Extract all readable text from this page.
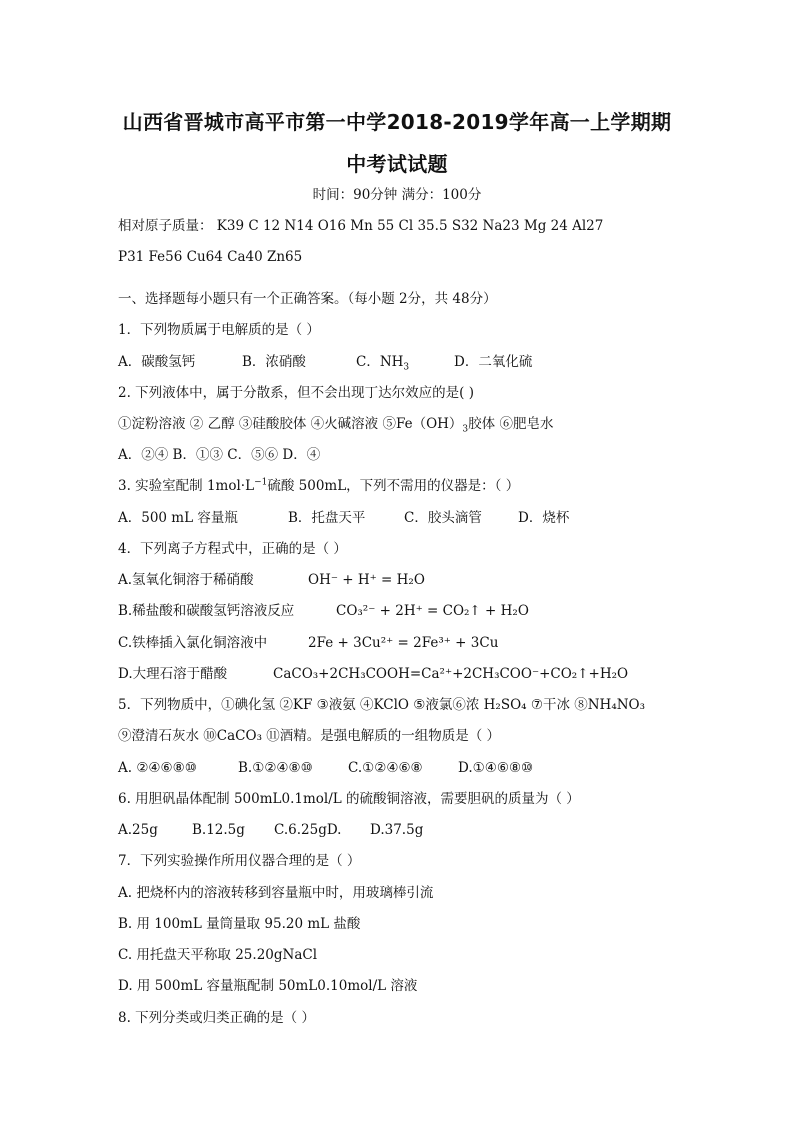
山西省晋城市高平市第一中学2018-2019学年高一上学期期
中考试试题
时间：90分钟 满分：100分
相对原子质量： K39 C 12 N14 O16 Mn 55 Cl 35.5 S32 Na23 Mg 24 Al27
P31 Fe56 Cu64 Ca40 Zn65
一、选择题每小题只有一个正确答案。（每小题 2分，共 48分）
1．下列物质属于电解质的是（ ）
A．碳酸氢钙	B．浓硝酸	C．$NH_3$	D．二氧化硫
2. 下列液体中，属于分散系，但不会出现丁达尔效应的是( )
①淀粉溶液 ② 乙醇 ③硅酸胶体 ④火碱溶液 $⑤Fe(OH)_3$胶体 ⑥肥皂水
A．②④ B．①③ C．⑤⑥ D．④
3. 实验室配制 $1mol\cdot L^{-1}$硫酸 500mL，下列不需用的仪器是：（ ）
A．500 mL 容量瓶	B．托盘天平	C．胶头滴管	D．烧杯
4．下列离子方程式中，正确的是（ ）
A.氢氧化铜溶于稀硝酸	OH⁻ + H⁺ = H₂O
B.稀盐酸和碳酸氢钙溶液反应	CO₃²⁻ + 2H⁺ = CO₂↑ + H₂O
C.铁棒插入氯化铜溶液中	2Fe + 3Cu²⁺ = 2Fe³⁺ + 3Cu
D.大理石溶于醋酸	CaCO₃+2CH₃COOH=Ca²⁺+2CH₃COO⁻+CO₂↑+H₂O
5．下列物质中，①碘化氢 ②KF ③液氨 ④KClO ⑤液氯⑥浓 H₂SO₄ ⑦干冰 ⑧NH₄NO₃
⑨澄清石灰水 ⑩CaCO₃ ⑪酒精。是强电解质的一组物质是（ ）
A. ②④⑥⑧⑩	B.①②④⑧⑩	C.①②④⑥⑧	D.①④⑥⑧⑩
6. 用胆矾晶体配制 500mL0.1mol/L 的硫酸铜溶液，需要胆矾的质量为（ ）
A.25g	B.12.5g C.6.25gD. D.37.5g
7．下列实验操作所用仪器合理的是（ ）
A. 把烧杯内的溶液转移到容量瓶中时，用玻璃棒引流
B. 用 100mL 量筒量取 95.20 mL 盐酸
C. 用托盘天平称取 25.20gNaCl
D. 用 500mL 容量瓶配制 50mL0.10mol/L 溶液
8. 下列分类或归类正确的是（ ）
